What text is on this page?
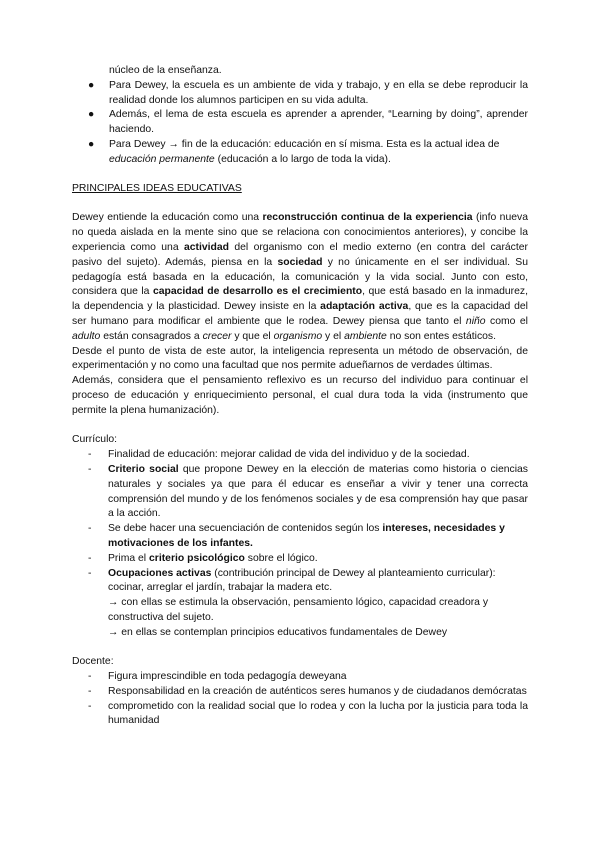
núcleo de la enseñanza.

● Para Dewey, la escuela es un ambiente de vida y trabajo, y en ella se debe reproducir la realidad donde los alumnos participen en su vida adulta.
● Además, el lema de esta escuela es aprender a aprender, “Learning by doing”, aprender haciendo.
● Para Dewey → fin de la educación: educación en sí misma. Esta es la actual idea de educación permanente (educación a lo largo de toda la vida).

PRINCIPALES IDEAS EDUCATIVAS

Dewey entiende la educación como una reconstrucción continua de la experiencia (info nueva no queda aislada en la mente sino que se relaciona con conocimientos anteriores), y concibe la experiencia como una actividad del organismo con el medio externo (en contra del carácter pasivo del sujeto). Además, piensa en la sociedad y no únicamente en el ser individual. Su pedagogía está basada en la educación, la comunicación y la vida social. Junto con esto, considera que la capacidad de desarrollo es el crecimiento, que está basado en la inmadurez, la dependencia y la plasticidad. Dewey insiste en la adaptación activa, que es la capacidad del ser humano para modificar el ambiente que le rodea. Dewey piensa que tanto el niño como el adulto están consagrados a crecer y que el organismo y el ambiente no son entes estáticos.

Desde el punto de vista de este autor, la inteligencia representa un método de observación, de experimentación y no como una facultad que nos permite adueñarnos de verdades últimas.

Además, considera que el pensamiento reflexivo es un recurso del individuo para continuar el proceso de educación y enriquecimiento personal, el cual dura toda la vida (instrumento que permite la plena humanización).

Currículo:

- Finalidad de educación: mejorar calidad de vida del individuo y de la sociedad.
- Criterio social que propone Dewey en la elección de materias como historia o ciencias naturales y sociales ya que para él educar es enseñar a vivir y tener una correcta comprensión del mundo y de los fenómenos sociales y de esa comprensión hay que pasar a la acción.
- Se debe hacer una secuenciación de contenidos según los intereses, necesidades y motivaciones de los infantes.
- Prima el criterio psicológico sobre el lógico.
- Ocupaciones activas (contribución principal de Dewey al planteamiento curricular): cocinar, arreglar el jardín, trabajar la madera etc.
→ con ellas se estimula la observación, pensamiento lógico, capacidad creadora y constructiva del sujeto.
→ en ellas se contemplan principios educativos fundamentales de Dewey

Docente:

- Figura imprescindible en toda pedagogía deweyana
- Responsabilidad en la creación de auténticos seres humanos y de ciudadanos demócratas
- comprometido con la realidad social que lo rodea y con la lucha por la justicia para toda la humanidad
